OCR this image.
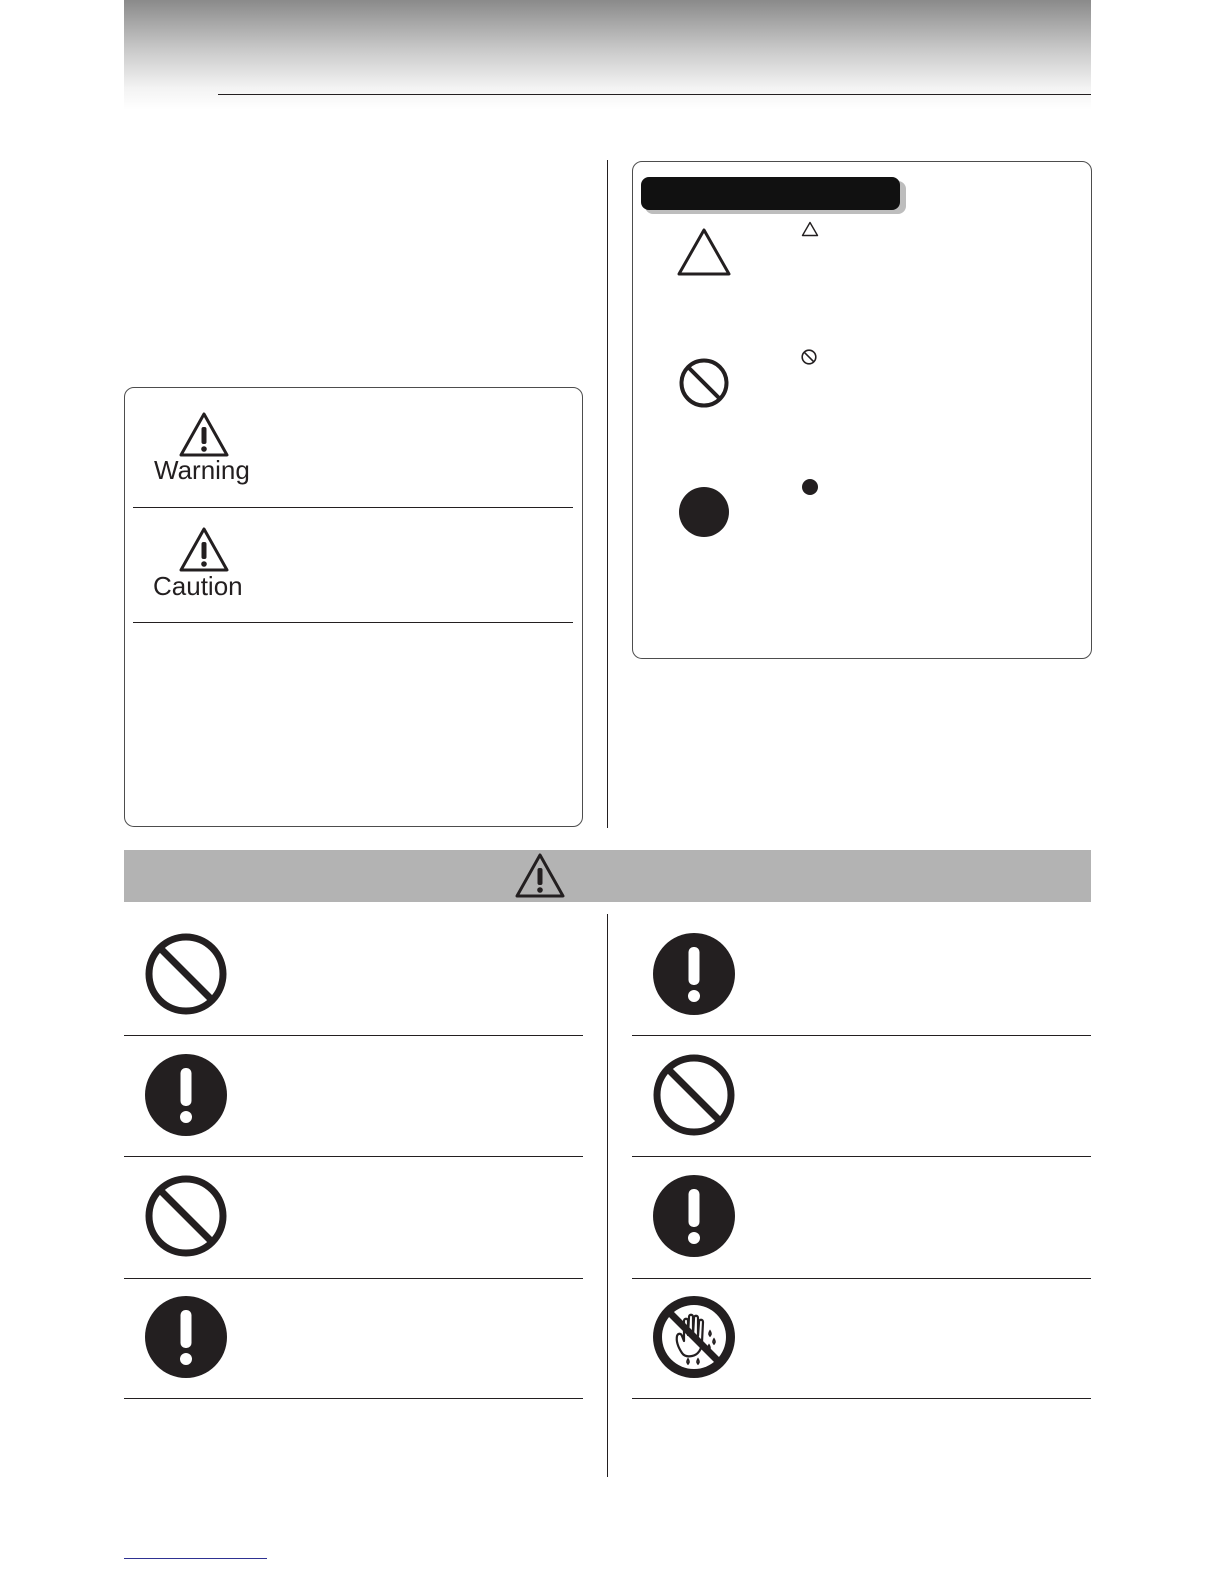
Warning
Caution
